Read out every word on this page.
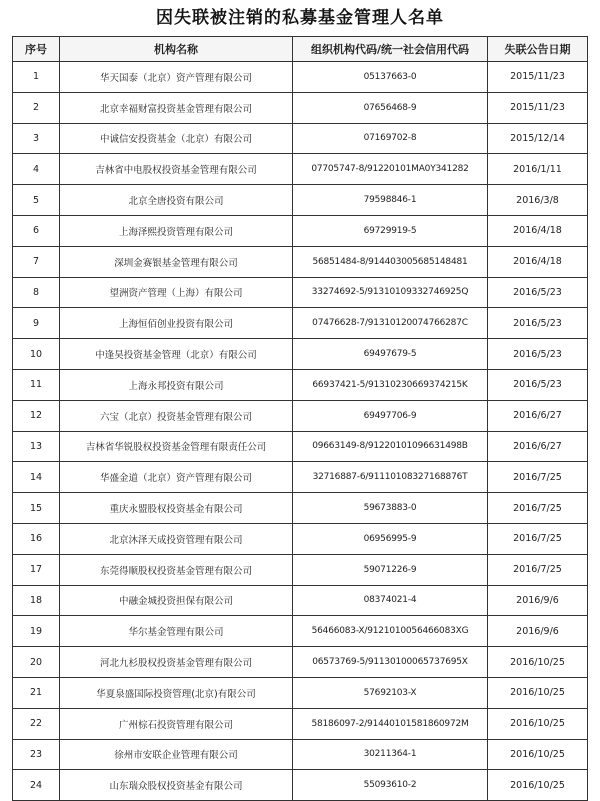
因失联被注销的私募基金管理人名单
序号	机构名称	组织机构代码/统一社会信用代码	失联公告日期
1	华天国泰（北京）资产管理有限公司	05137663-0	2015/11/23
2	北京幸福财富投资基金管理有限公司	07656468-9	2015/11/23
3	中诚信安投资基金（北京）有限公司	07169702-8	2015/12/14
4	吉林省中电股权投资基金管理有限公司	07705747-8/91220101MA0Y341282	2016/1/11
5	北京全唐投资有限公司	79598846-1	2016/3/8
6	上海泽熙投资管理有限公司	69729919-5	2016/4/18
7	深圳金赛银基金管理有限公司	56851484-8/9144030056851484​81	2016/4/18
8	望洲资产管理（上海）有限公司	33274692-5/91310109332746925Q	2016/5/23
9	上海恒佰创业投资有限公司	07476628-7/91310120074766287C	2016/5/23
10	中逢昊投资基金管理（北京）有限公司	69497679-5	2016/5/23
11	上海永邦投资有限公司	66937421-5/91310230669374215K	2016/5/23
12	六宝（北京）投资基金管理有限公司	69497706-9	2016/6/27
13	吉林省华锐股权投资基金管理有限责任公司	09663149-8/91220101096631498B	2016/6/27
14	华盛金道（北京）资产管理有限公司	32716887-6/91110108327168876T	2016/7/25
15	重庆永盟股权投资基金有限公司	59673883-0	2016/7/25
16	北京沐泽天成投资管理有限公司	06956995-9	2016/7/25
17	东莞得顺股权投资基金管理有限公司	59071226-9	2016/7/25
18	中融金城投资担保有限公司	08374021-4	2016/9/6
19	华尔基金管理有限公司	56466083-X/91210100564660​83XG	2016/9/6
20	河北九杉股权投资基金管理有限公司	06573769-5/91130100065737695X	2016/10/25
21	华夏泉盛国际投资管理(北京)有限公司	57692103-X	2016/10/25
22	广州棕石投资管理有限公司	58186097-2/91440101581860972M	2016/10/25
23	徐州市安联企业管理有限公司	30211364-1	2016/10/25
24	山东瑞众股权投资基金有限公司	55093610-2	2016/10/25
